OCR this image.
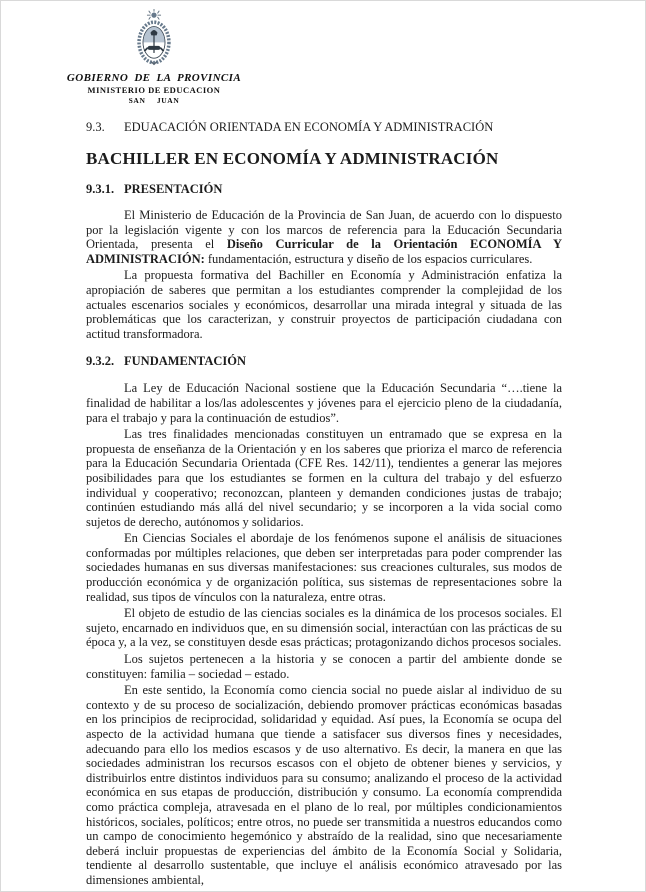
GOBIERNO DE LA PROVINCIA
MINISTERIO DE EDUCACION
SAN JUAN
9.3. EDUACACIÓN ORIENTADA EN ECONOMÍA Y ADMINISTRACIÓN
BACHILLER EN ECONOMÍA Y ADMINISTRACIÓN
9.3.1. PRESENTACIÓN

El Ministerio de Educación de la Provincia de San Juan, de acuerdo con lo dispuesto por la legislación vigente y con los marcos de referencia para la Educación Secundaria Orientada, presenta el Diseño Curricular de la Orientación ECONOMÍA Y ADMINISTRACIÓN: fundamentación, estructura y diseño de los espacios curriculares.

La propuesta formativa del Bachiller en Economía y Administración enfatiza la apropiación de saberes que permitan a los estudiantes comprender la complejidad de los actuales escenarios sociales y económicos, desarrollar una mirada integral y situada de las problemáticas que los caracterizan, y construir proyectos de participación ciudadana con actitud transformadora.

9.3.2. FUNDAMENTACIÓN

La Ley de Educación Nacional sostiene que la Educación Secundaria “….tiene la finalidad de habilitar a los/las adolescentes y jóvenes para el ejercicio pleno de la ciudadanía, para el trabajo y para la continuación de estudios”.

Las tres finalidades mencionadas constituyen un entramado que se expresa en la propuesta de enseñanza de la Orientación y en los saberes que prioriza el marco de referencia para la Educación Secundaria Orientada (CFE Res. 142/11), tendientes a generar las mejores posibilidades para que los estudiantes se formen en la cultura del trabajo y del esfuerzo individual y cooperativo; reconozcan, planteen y demanden condiciones justas de trabajo; continúen estudiando más allá del nivel secundario; y se incorporen a la vida social como sujetos de derecho, autónomos y solidarios.

En Ciencias Sociales el abordaje de los fenómenos supone el análisis de situaciones conformadas por múltiples relaciones, que deben ser interpretadas para poder comprender las sociedades humanas en sus diversas manifestaciones: sus creaciones culturales, sus modos de producción económica y de organización política, sus sistemas de representaciones sobre la realidad, sus tipos de vínculos con la naturaleza, entre otras.

El objeto de estudio de las ciencias sociales es la dinámica de los procesos sociales. El sujeto, encarnado en individuos que, en su dimensión social, interactúan con las prácticas de su época y, a la vez, se constituyen desde esas prácticas; protagonizando dichos procesos sociales.

Los sujetos pertenecen a la historia y se conocen a partir del ambiente donde se constituyen: familia – sociedad – estado.

En este sentido, la Economía como ciencia social no puede aislar al individuo de su contexto y de su proceso de socialización, debiendo promover prácticas económicas basadas en los principios de reciprocidad, solidaridad y equidad. Así pues, la Economía se ocupa del aspecto de la actividad humana que tiende a satisfacer sus diversos fines y necesidades, adecuando para ello los medios escasos y de uso alternativo. Es decir, la manera en que las sociedades administran los recursos escasos con el objeto de obtener bienes y servicios, y distribuirlos entre distintos individuos para su consumo; analizando el proceso de la actividad económica en sus etapas de producción, distribución y consumo. La economía comprendida como práctica compleja, atravesada en el plano de lo real, por múltiples condicionamientos históricos, sociales, políticos; entre otros, no puede ser transmitida a nuestros educandos como un campo de conocimiento hegemónico y abstraído de la realidad, sino que necesariamente deberá incluir propuestas de experiencias del ámbito de la Economía Social y Solidaria, tendiente al desarrollo sustentable, que incluye el análisis económico atravesado por las dimensiones ambiental,
